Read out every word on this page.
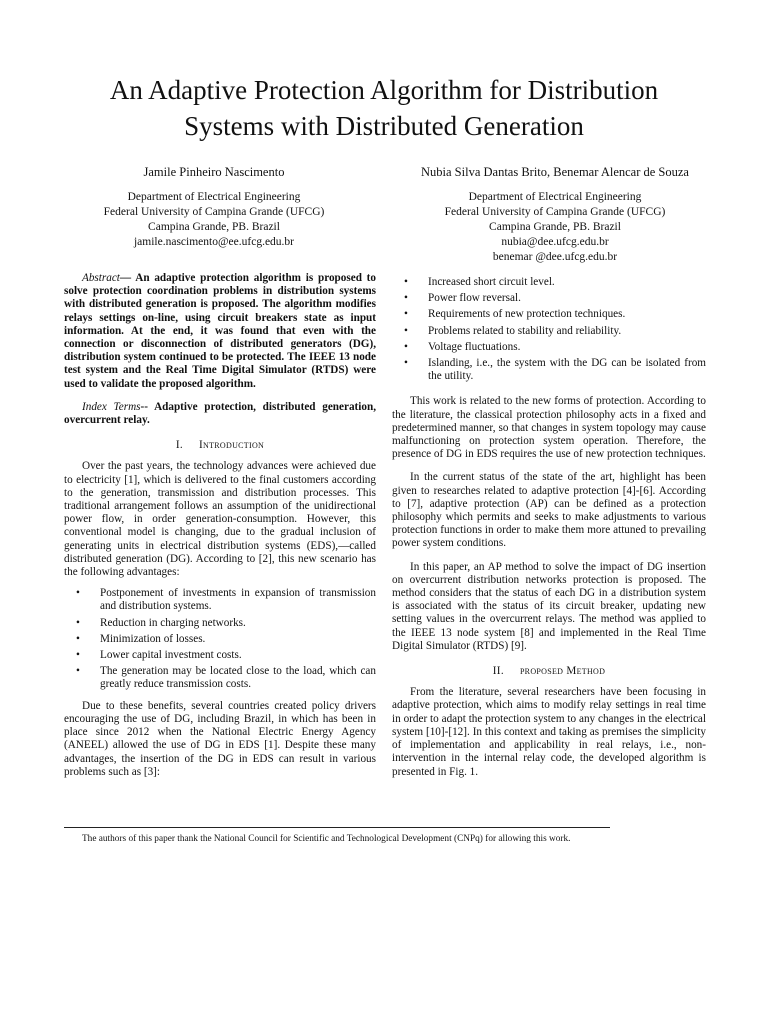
An Adaptive Protection Algorithm for Distribution
Systems with Distributed Generation
Jamile Pinheiro Nascimento
Department of Electrical Engineering
Federal University of Campina Grande (UFCG)
Campina Grande, PB. Brazil
jamile.nascimento@ee.ufcg.edu.br
Nubia Silva Dantas Brito, Benemar Alencar de Souza
Department of Electrical Engineering
Federal University of Campina Grande (UFCG)
Campina Grande, PB. Brazil
nubia@dee.ufcg.edu.br
benemar @dee.ufcg.edu.br

Abstract— An adaptive protection algorithm is proposed to solve protection coordination problems in distribution systems with distributed generation is proposed. The algorithm modifies relays settings on-line, using circuit breakers state as input information. At the end, it was found that even with the connection or disconnection of distributed generators (DG), distribution system continued to be protected. The IEEE 13 node test system and the Real Time Digital Simulator (RTDS) were used to validate the proposed algorithm.

Index Terms-- Adaptive protection, distributed generation, overcurrent relay.

I. Introduction

Over the past years, the technology advances were achieved due to electricity [1], which is delivered to the final customers according to the generation, transmission and distribution processes. This traditional arrangement follows an assumption of the unidirectional power flow, in order generation-consumption. However, this conventional model is changing, due to the gradual inclusion of generating units in electrical distribution systems (EDS),―called distributed generation (DG). According to [2], this new scenario has the following advantages:

• Postponement of investments in expansion of transmission and distribution systems.
• Reduction in charging networks.
• Minimization of losses.
• Lower capital investment costs.
• The generation may be located close to the load, which can greatly reduce transmission costs.

Due to these benefits, several countries created policy drivers encouraging the use of DG, including Brazil, in which has been in place since 2012 when the National Electric Energy Agency (ANEEL) allowed the use of DG in EDS [1]. Despite these many advantages, the insertion of the DG in EDS can result in various problems such as [3]:

• Increased short circuit level.
• Power flow reversal.
• Requirements of new protection techniques.
• Problems related to stability and reliability.
• Voltage fluctuations.
• Islanding, i.e., the system with the DG can be isolated from the utility.

This work is related to the new forms of protection. According to the literature, the classical protection philosophy acts in a fixed and predetermined manner, so that changes in system topology may cause malfunctioning on protection system operation. Therefore, the presence of DG in EDS requires the use of new protection techniques.

In the current status of the state of the art, highlight has been given to researches related to adaptive protection [4]-[6]. According to [7], adaptive protection (AP) can be defined as a protection philosophy which permits and seeks to make adjustments to various protection functions in order to make them more attuned to prevailing power system conditions.

In this paper, an AP method to solve the impact of DG insertion on overcurrent distribution networks protection is proposed. The method considers that the status of each DG in a distribution system is associated with the status of its circuit breaker, updating new setting values in the overcurrent relays. The method was applied to the IEEE 13 node system [8] and implemented in the Real Time Digital Simulator (RTDS) [9].

II. proposed Method

From the literature, several researchers have been focusing in adaptive protection, which aims to modify relay settings in real time in order to adapt the protection system to any changes in the electrical system [10]-[12]. In this context and taking as premises the simplicity of implementation and applicability in real relays, i.e., non-intervention in the internal relay code, the developed algorithm is presented in Fig. 1.

The authors of this paper thank the National Council for Scientific and Technological Development (CNPq) for allowing this work.
